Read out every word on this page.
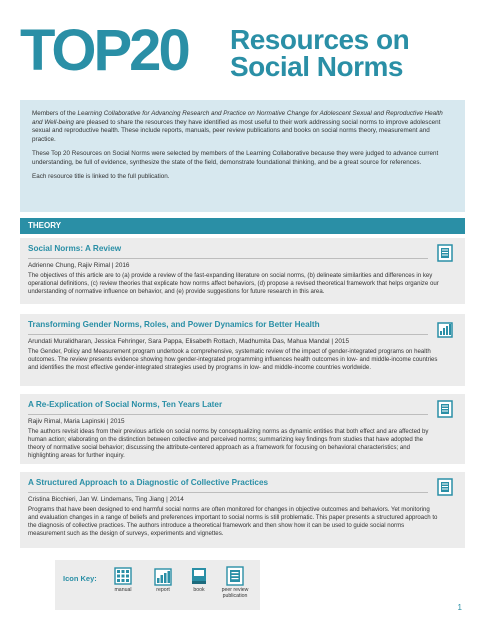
TOP20 Resources on
Social Norms

Members of the Learning Collaborative for Advancing Research and Practice on Normative Change for Adolescent Sexual and Reproductive Health and Well-being are pleased to share the resources they have identified as most useful to their work addressing social norms to improve adolescent sexual and reproductive health. These include reports, manuals, peer review publications and books on social norms theory, measurement and practice.

These Top 20 Resources on Social Norms were selected by members of the Learning Collaborative because they were judged to advance current understanding, be full of evidence, synthesize the state of the field, demonstrate foundational thinking, and be a great source for references.

Each resource title is linked to the full publication.

THEORY
Social Norms: A Review
Adrienne Chung, Rajiv Rimal | 2016
The objectives of this article are to (a) provide a review of the fast-expanding literature on social norms, (b) delineate similarities and differences in key operational definitions, (c) review theories that explicate how norms affect behaviors, (d) propose a revised theoretical framework that helps organize our understanding of normative influence on behavior, and (e) provide suggestions for future research in this area.
Transforming Gender Norms, Roles, and Power Dynamics for Better Health
Arundati Muralidharan, Jessica Fehringer, Sara Pappa, Elisabeth Rottach, Madhumita Das, Mahua Mandal | 2015
The Gender, Policy and Measurement program undertook a comprehensive, systematic review of the impact of gender-integrated programs on health outcomes. The review presents evidence showing how gender-integrated programming influences health outcomes in low- and middle-income countries and identifies the most effective gender-integrated strategies used by programs in low- and middle-income countries worldwide.
A Re-Explication of Social Norms, Ten Years Later
Rajiv Rimal, Maria Lapinski | 2015
The authors revisit ideas from their previous article on social norms by conceptualizing norms as dynamic entities that both effect and are affected by human action; elaborating on the distinction between collective and perceived norms; summarizing key findings from studies that have adopted the theory of normative social behavior; discussing the attribute-centered approach as a framework for focusing on behavioral characteristics; and highlighting areas for further inquiry.
A Structured Approach to a Diagnostic of Collective Practices
Cristina Bicchieri, Jan W. Lindemans, Ting Jiang | 2014
Programs that have been designed to end harmful social norms are often monitored for changes in objective outcomes and behaviors. Yet monitoring and evaluation changes in a range of beliefs and preferences important to social norms is still problematic. This paper presents a structured approach to the diagnosis of collective practices. The authors introduce a theoretical framework and then show how it can be used to guide social norms measurement such as the design of surveys, experiments and vignettes.
Icon Key:
manual	report	book	peer review publication
1
